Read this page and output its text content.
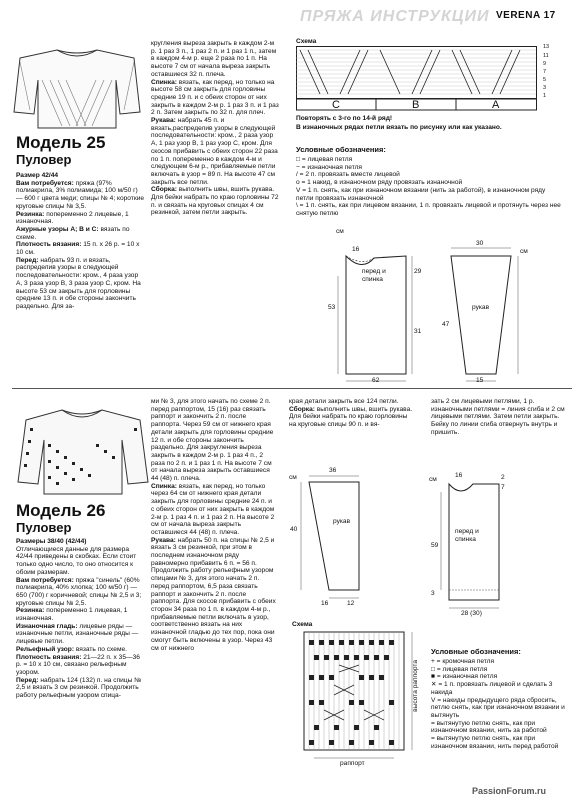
ПРЯЖА ИНСТРУКЦИИ VERENA 17
Модель 25
Пуловер

Размер 42/44

Вам потребуется: пряжа (97% полиакрила, 3% полиамида; 100 м/50 г) — 600 г цвета меди; спицы № 4; короткие круговые спицы № 3,5.

Резинка: попеременно 2 лицевые, 1 изнаночная.

Ажурные узоры A; B и C: вязать по схеме.

Плотность вязания: 15 п. х 26 р. = 10 х 10 см.

Перед: набрать 93 п. и вязать, распределив узоры в следующей последовательности: кром., 4 раза узор A, 3 раза узор B, 3 раза узор C, кром. На высоте 53 см закрыть для горловины средние 13 п. и обе стороны закончить раздельно. Для за-

кругления выреза закрыть в каждом 2-м р. 1 раз 3 п., 1 раз 2 п. и 1 раз 1 п., затем в каждом 4-м р. еще 2 раза по 1 п. На высоте 7 см от начала выреза закрыть оставшиеся 32 п. плеча.

Спинка: вязать, как перед, но только на высоте 58 см закрыть для горловины средние 19 п. и с обеих сторон от них закрыть в каждом 2-м р. 1 раз 3 п. и 1 раз 2 п. Затем закрыть по 32 п. для плеч.

Рукава: набрать 45 п. и вязать,распределив узоры в следующей последовательности: кром., 2 раза узор A, 1 раз узор B, 1 раз узор C, кром. Для скосов прибавить с обеих сторон 22 раза по 1 п. попеременно в каждом 4-м и следующем 6-м р., прибавляемые петли включать в узор = 89 п. На высоте 47 см закрыть все петли.

Сборка: выполнить швы, вшить рукава. Для бейки набрать по краю горловины 72 п. и связать на круговых спицах 4 см резинкой, затем петли закрыть.

Схема
13
11
9
7
5
3
1
C	B	A
Повторять с 3-го по 14-й ряд!
В изнаночных рядах петли вязать по рисунку или как указано.
Условные обозначения:

□ = лицевая петля

− = изнаночная петля

/ = 2 п. провязать вместе лицевой

o = 1 накид, в изнаночном ряду провязать изнаночной

V = 1 п. снять, как при изнаночном вязании (нить за работой), в изнаночном ряду петли провязать изнаночной

\ = 1 п. снять, как при лицевом вязании, 1 п. провязать лицевой и протянуть через нее снятую петлю

перед и спинка
16
29
31
53
62
см
рукав
47
30
15
см
Модель 26
Пуловер

Размеры 38/40 (42/44)

Отличающиеся данные для размера 42/44 приведены в скобках. Если стоит только одно число, то оно относится к обоим размерам.

Вам потребуется: пряжа "синель" (60% полиакрила, 40% хлопка; 100 м/50 г) — 650 (700) г коричневой; спицы № 2,5 и 3; круговые спицы № 2,5.

Резинка: попеременно 1 лицевая, 1 изнаночная.

Изнаночная гладь: лицевые ряды — изнаночные петли, изнаночные ряды — лицевые петли.

Рельефный узор: вязать по схеме.

Плотность вязания: 21—22 п. х 35—36 р. = 10 х 10 см, связано рельефным узором.

Перед: набрать 124 (132) п. на спицы № 2,5 и вязать 3 см резинкой. Продолжить работу рельефным узором спица-

ми № 3, для этого начать по схеме 2 п. перед раппортом, 15 (16) раз связать раппорт и закончить 2 п. после раппорта. Через 59 см от нижнего края детали закрыть для горловины средние 12 п. и обе стороны закончить раздельно. Для закругления выреза закрыть в каждом 2-м р. 1 раз 4 п., 2 раза по 2 п. и 1 раз 1 п. На высоте 7 см от начала выреза закрыть оставшиеся 44 (48) п. плеча.

Спинка: вязать, как перед, но только через 64 см от нижнего края детали закрыть для горловины средние 24 п. и с обеих сторон от них закрыть в каждом 2-м р. 1 раз 4 п. и 1 раз 2 п. На высоте 2 см от начала выреза закрыть оставшиеся 44 (48) п. плеча.

Рукава: набрать 50 п. на спицы № 2,5 и вязать 3 см резинкой, при этом в последнем изнаночном ряду равномерно прибавить 6 п. = 56 п. Продолжить работу рельефным узором спицами № 3, для этого начать 2 п. перед раппортом, 6,5 раза связать раппорт и закончить 2 п. после раппорта. Для скосов прибавить с обеих сторон 34 раза по 1 п. в каждом 4-м р., прибавляемые петли включать в узор, соответственно вязать на них изнаночной гладью до тех пор, пока они смогут быть включены в узор. Через 43 см от нижнего

края детали закрыть все 124 петли.

Сборка: выполнить швы, вшить рукава. Для бейки набрать по краю горловины на круговые спицы 90 п. и вя-

зать 2 см лицевыми петлями, 1 р. изнаночными петлями = линия сгиба и 2 см лицевыми петлями. Затем петли закрыть. Бейку по линии сгиба отвернуть внутрь и пришить.

рукав
36
40
16	12
см
перед и спинка
7
2
16
59
3
28 (30)
см
Схема
высота раппорта
раппорт
Условные обозначения:

+ = кромочная петля

□ = лицевая петля

■ = изнаночная петля

✕ = 1 п. провязать лицевой и сделать 3 накида

V = накиды предыдущего ряда сбросить, петлю снять, как при изнаночном вязании и вытянуть

= вытянутую петлю снять, как при изнаночном вязании, нить за работой

= вытянутую петлю снять, как при изнаночном вязании, нить перед работой

PassionForum.ru
